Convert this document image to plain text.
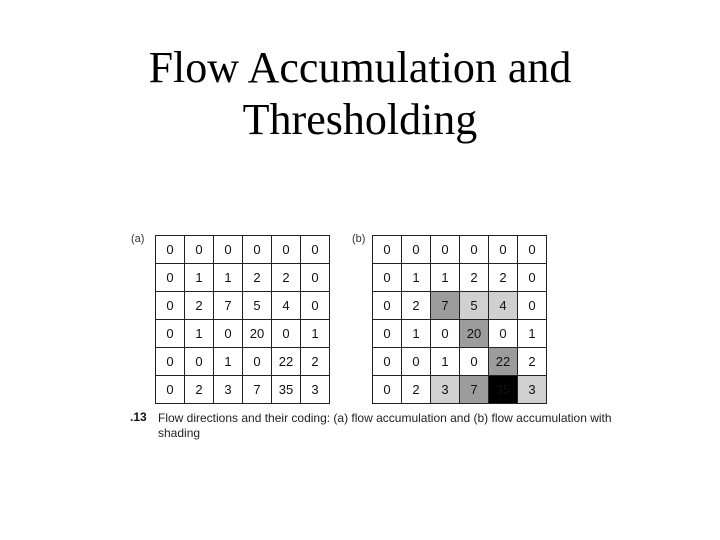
Flow Accumulation and
Thresholding
(a)
0	0	0	0	0	0
0	1	1	2	2	0
0	2	7	5	4	0
0	1	0	20	0	1
0	0	1	0	22	2
0	2	3	7	35	3
(b)
0	0	0	0	0	0
0	1	1	2	2	0
0	2	7	5	4	0
0	1	0	20	0	1
0	0	1	0	22	2
0	2	3	7	35	3
.13 Flow directions and their coding: (a) flow accumulation and (b) flow accumulation with shading
